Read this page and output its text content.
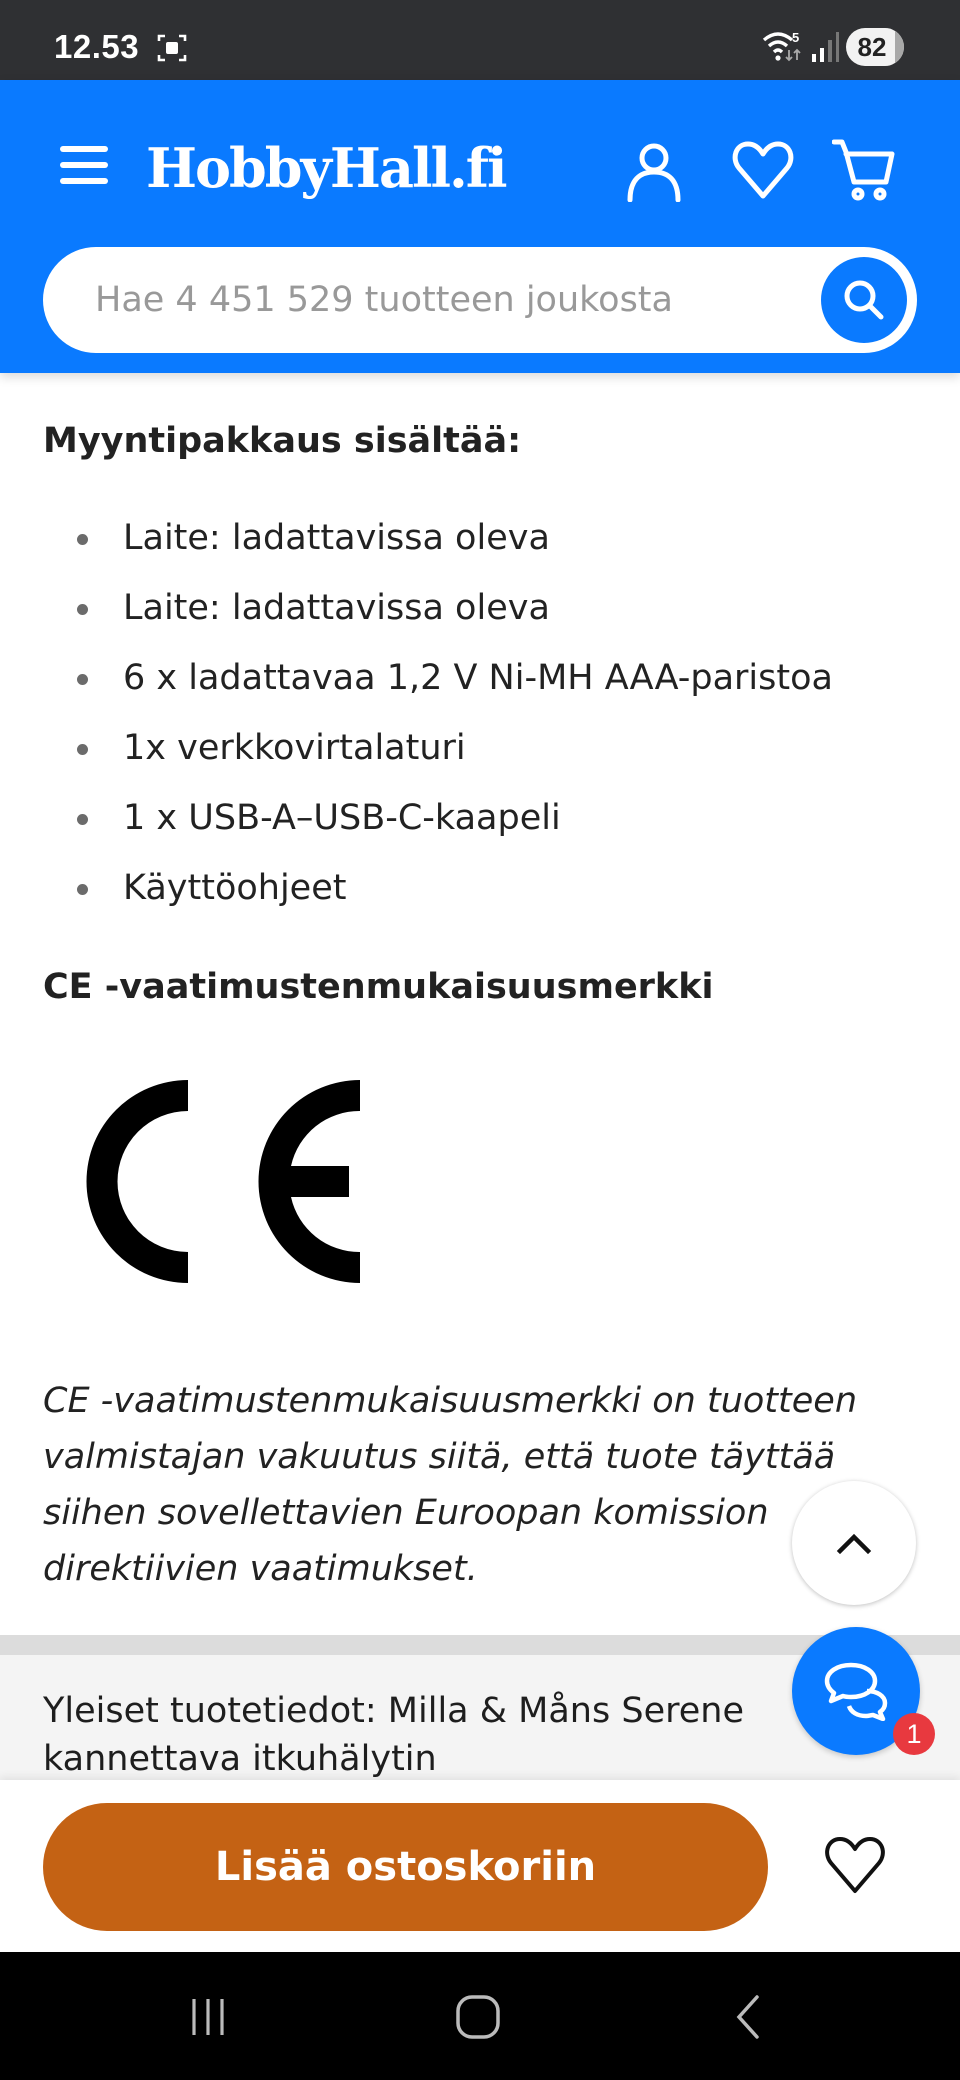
12.53	5 82
HobbyHall.fi
Hae 4 451 529 tuotteen joukosta
Myyntipakkaus sisältää:
Laite: ladattavissa oleva
Laite: ladattavissa oleva
6 x ladattavaa 1,2 V Ni-MH AAA-paristoa
1x verkkovirtalaturi
1 x USB-A–USB-C-kaapeli
Käyttöohjeet
CE -vaatimustenmukaisuusmerkki

CE -vaatimustenmukaisuusmerkki on tuotteen valmistajan vakuutus siitä, että tuote täyttää siihen sovellettavien Euroopan komission direktiivien vaatimukset.

Yleiset tuotetiedot: Milla & Måns Serene kannettava itkuhälytin
1
Lisää ostoskoriin
